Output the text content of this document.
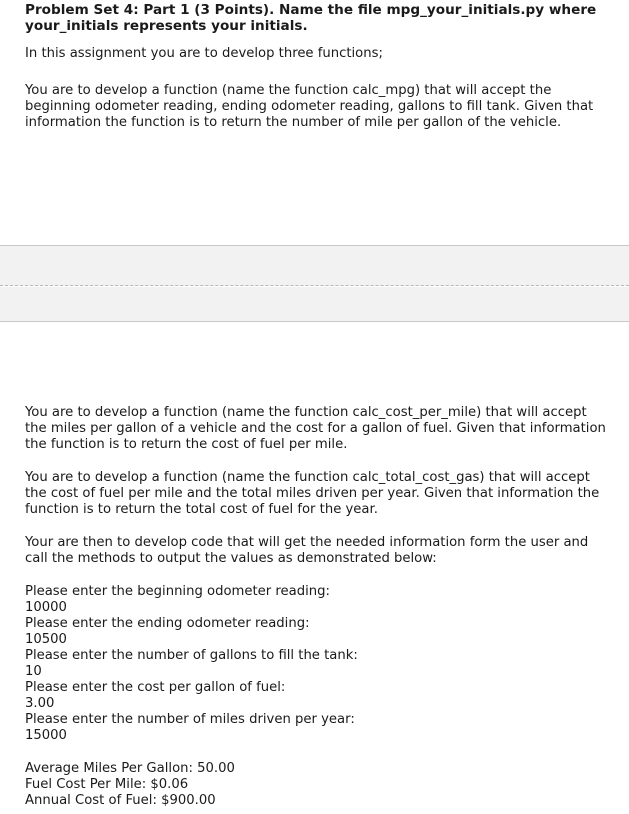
Problem Set 4: Part 1 (3 Points). Name the file mpg_your_initials.py where
your_initials represents your initials.

In this assignment you are to develop three functions;

You are to develop a function (name the function calc_mpg) that will accept the
beginning odometer reading, ending odometer reading, gallons to fill tank. Given that
information the function is to return the number of mile per gallon of the vehicle.

You are to develop a function (name the function calc_cost_per_mile) that will accept
the miles per gallon of a vehicle and the cost for a gallon of fuel. Given that information
the function is to return the cost of fuel per mile.

You are to develop a function (name the function calc_total_cost_gas) that will accept
the cost of fuel per mile and the total miles driven per year. Given that information the
function is to return the total cost of fuel for the year.

Your are then to develop code that will get the needed information form the user and
call the methods to output the values as demonstrated below:

Please enter the beginning odometer reading:
10000
Please enter the ending odometer reading:
10500
Please enter the number of gallons to fill the tank:
10
Please enter the cost per gallon of fuel:
3.00
Please enter the number of miles driven per year:
15000
Average Miles Per Gallon: 50.00
Fuel Cost Per Mile: $0.06
Annual Cost of Fuel: $900.00
